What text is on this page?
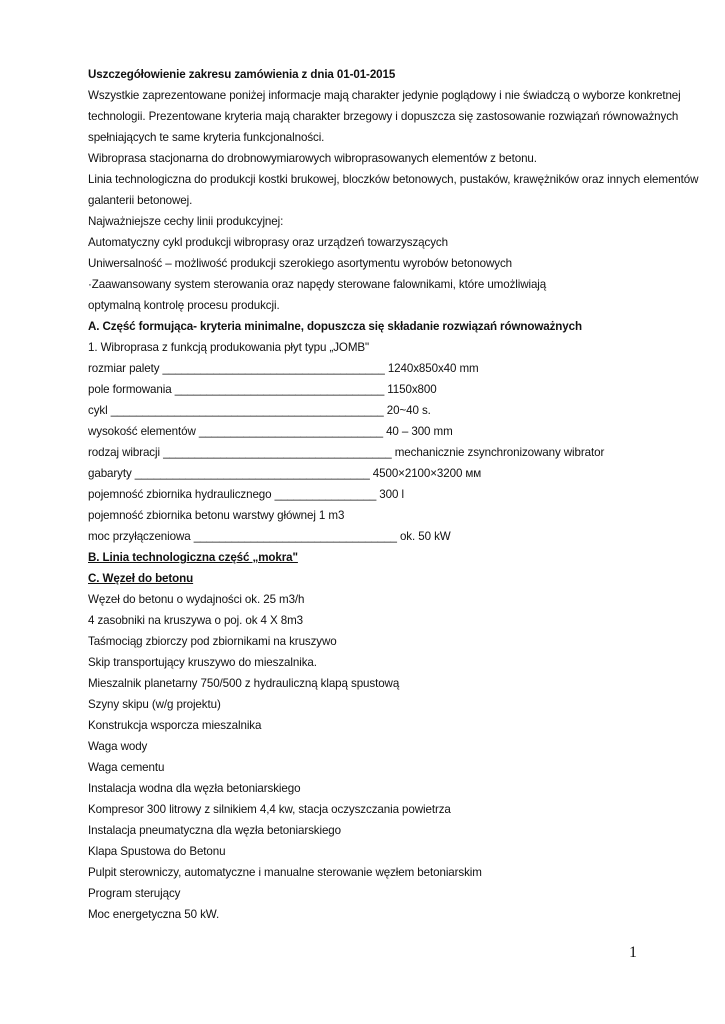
Uszczegółowienie zakresu zamówienia z dnia 01-01-2015
Wszystkie zaprezentowane poniżej informacje mają charakter jedynie poglądowy i nie świadczą o wyborze konkretnej
technologii. Prezentowane kryteria mają charakter brzegowy i dopuszcza się zastosowanie rozwiązań równoważnych
spełniających te same kryteria funkcjonalności.
Wibroprasa stacjonarna do drobnowymiarowych wibroprasowanych elementów z betonu.
Linia technologiczna do produkcji kostki brukowej, bloczków betonowych, pustaków, krawężników oraz innych elementów
galanterii betonowej.
Najważniejsze cechy linii produkcyjnej:
Automatyczny cykl produkcji wibroprasy oraz urządzeń towarzyszących
Uniwersalność – możliwość produkcji szerokiego asortymentu wyrobów betonowych
·Zaawansowany system sterowania oraz napędy sterowane falownikami, które umożliwiają
optymalną kontrolę procesu produkcji.
A. Część formująca- kryteria minimalne, dopuszcza się składanie rozwiązań równoważnych
1. Wibroprasa z funkcją produkowania płyt typu „JOMB"
rozmiar palety ___________________________________ 1240x850x40 mm
pole formowania _________________________________ 1150x800
cykl ___________________________________________ 20~40 s.
wysokość elementów _____________________________ 40 – 300 mm
rodzaj wibracji ____________________________________ mechanicznie zsynchronizowany wibrator
gabaryty _____________________________________ 4500×2100×3200 мм
pojemność zbiornika hydraulicznego ________________ 300 l
pojemność zbiornika betonu warstwy głównej 1 m3
moc przyłączeniowa ________________________________ ok. 50 kW
B. Linia technologiczna część „mokra"
C. Węzeł do betonu
Węzeł do betonu o wydajności ok. 25 m3/h
4 zasobniki na kruszywa o poj. ok 4 X 8m3
Taśmociąg zbiorczy pod zbiornikami na kruszywo
Skip transportujący kruszywo do mieszalnika.
Mieszalnik planetarny 750/500 z hydrauliczną klapą spustową
Szyny skipu (w/g projektu)
Konstrukcja wsporcza mieszalnika
Waga wody
Waga cementu
Instalacja wodna dla węzła betoniarskiego
Kompresor 300 litrowy z silnikiem 4,4 kw, stacja oczyszczania powietrza
Instalacja pneumatyczna dla węzła betoniarskiego
Klapa Spustowa do Betonu
Pulpit sterowniczy, automatyczne i manualne sterowanie węzłem betoniarskim
Program sterujący
Moc energetyczna 50 kW.
1
